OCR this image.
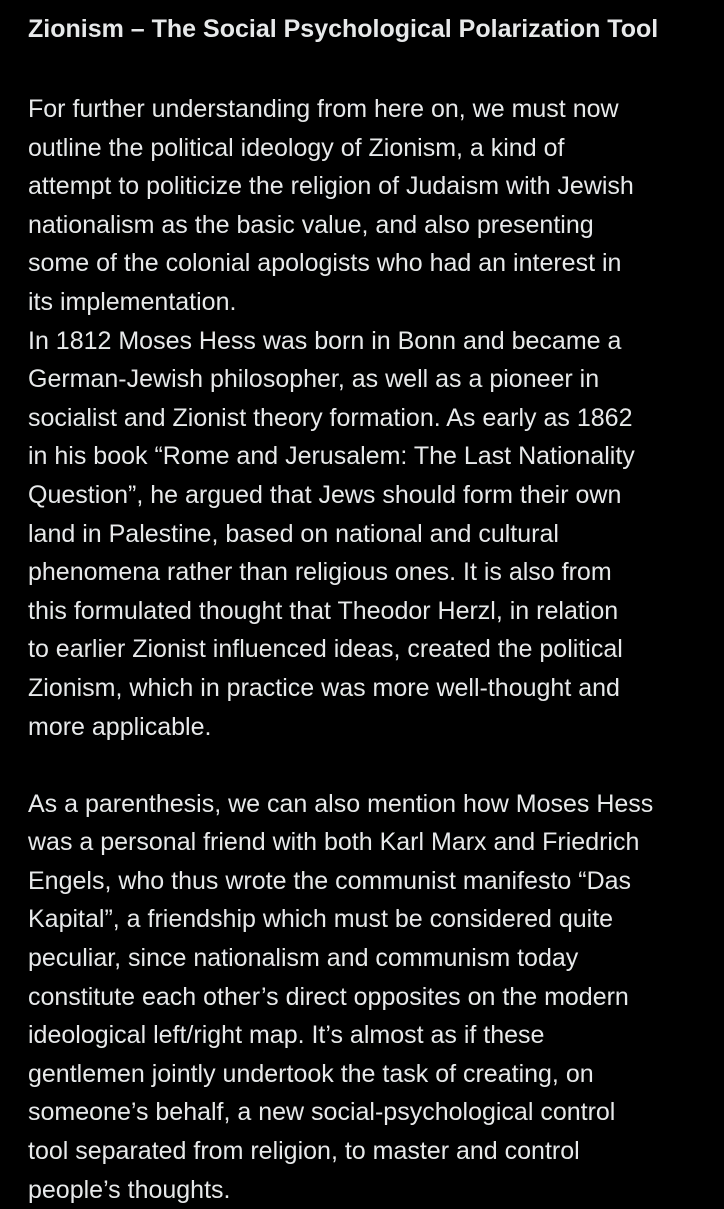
Zionism – The Social Psychological Polarization Tool
For further understanding from here on, we must now
outline the political ideology of Zionism, a kind of
attempt to politicize the religion of Judaism with Jewish
nationalism as the basic value, and also presenting
some of the colonial apologists who had an interest in
its implementation.
In 1812 Moses Hess was born in Bonn and became a
German-Jewish philosopher, as well as a pioneer in
socialist and Zionist theory formation. As early as 1862
in his book “Rome and Jerusalem: The Last Nationality
Question”, he argued that Jews should form their own
land in Palestine, based on national and cultural
phenomena rather than religious ones. It is also from
this formulated thought that Theodor Herzl, in relation
to earlier Zionist influenced ideas, created the political
Zionism, which in practice was more well-thought and
more applicable.
As a parenthesis, we can also mention how Moses Hess
was a personal friend with both Karl Marx and Friedrich
Engels, who thus wrote the communist manifesto “Das
Kapital”, a friendship which must be considered quite
peculiar, since nationalism and communism today
constitute each other’s direct opposites on the modern
ideological left/right map. It’s almost as if these
gentlemen jointly undertook the task of creating, on
someone’s behalf, a new social-psychological control
tool separated from religion, to master and control
people’s thoughts.
